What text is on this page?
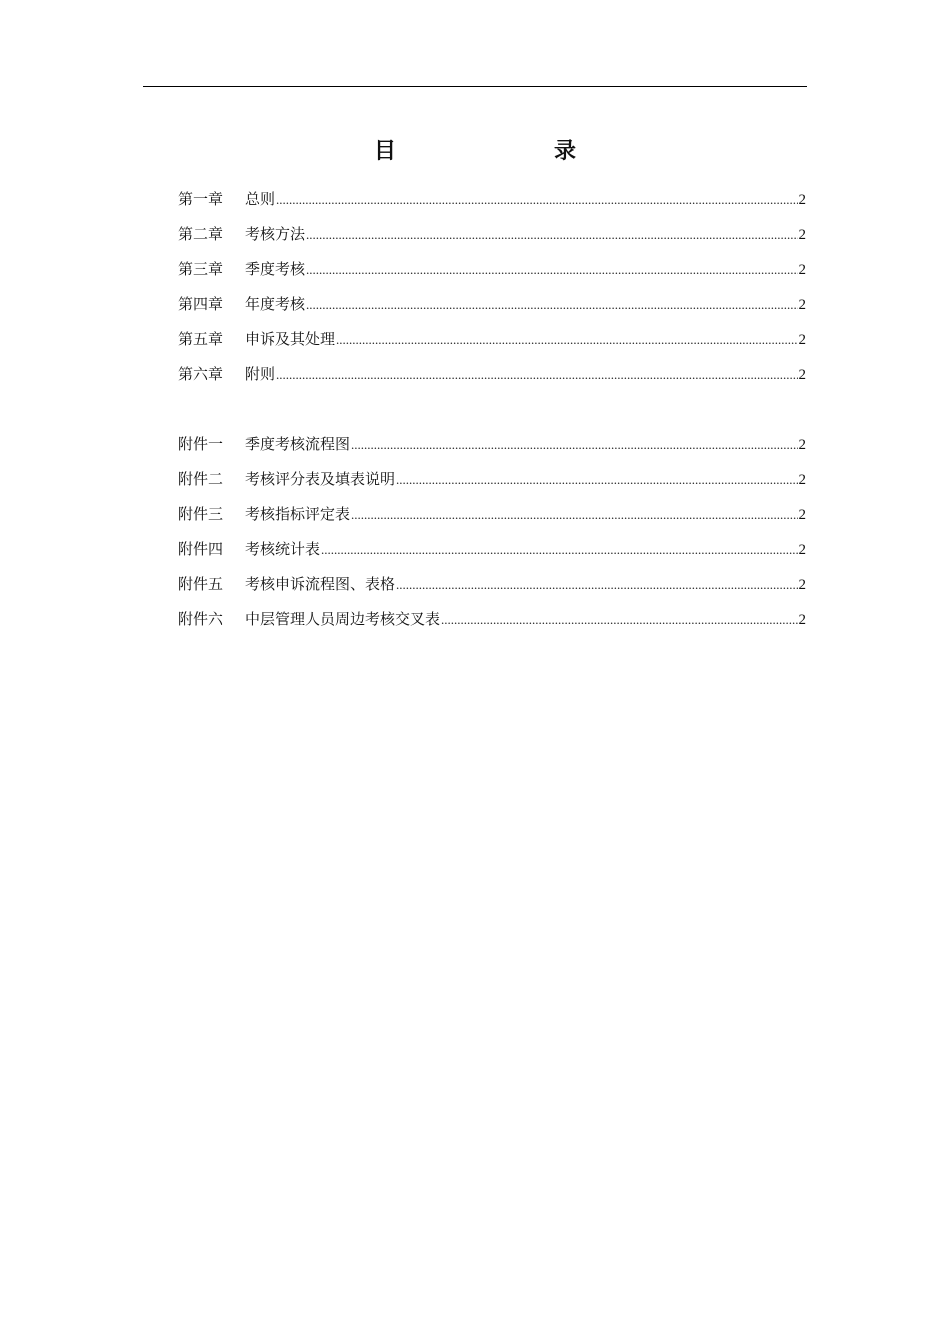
目　　录
第一章	总则 .....	2
第二章	考核方法 .....	2
第三章	季度考核 .....	2
第四章	年度考核 .....	2
第五章	申诉及其处理 .....	2
第六章	附则 .....	2
附件一	季度考核流程图 .....	2
附件二	考核评分表及填表说明 .....	2
附件三	考核指标评定表 .....	2
附件四	考核统计表 .....	2
附件五	考核申诉流程图、表格 .....	2
附件六	中层管理人员周边考核交叉表 .....	2
